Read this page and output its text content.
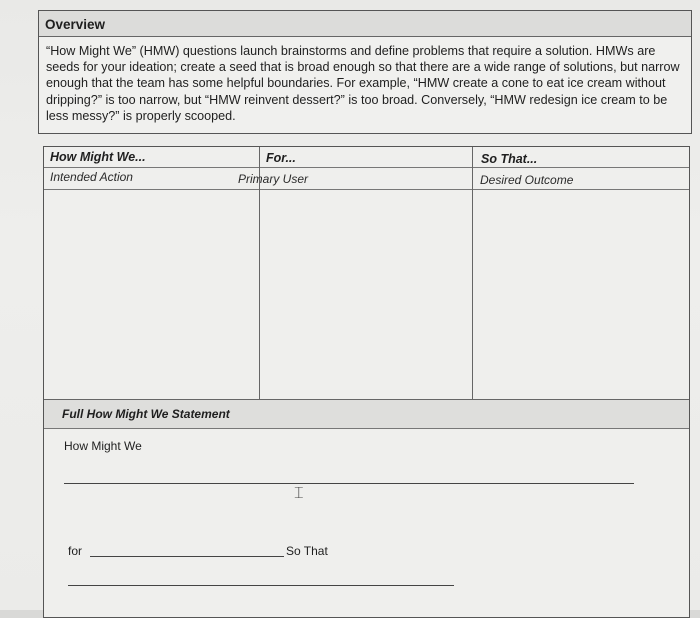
Overview
“How Might We” (HMW) questions launch brainstorms and define problems that require a solution. HMWs are seeds for your ideation; create a seed that is broad enough so that there are a wide range of solutions, but narrow enough that the team has some helpful boundaries. For example, “HMW create a cone to eat ice cream without dripping?” is too narrow, but “HMW reinvent dessert?” is too broad. Conversely, “HMW redesign ice cream to be less messy?” is properly scooped.
How Might We...
Intended Action
For...
Primary User
So That...
Desired Outcome
Full How Might We Statement
How Might We
⌶
for	So That
